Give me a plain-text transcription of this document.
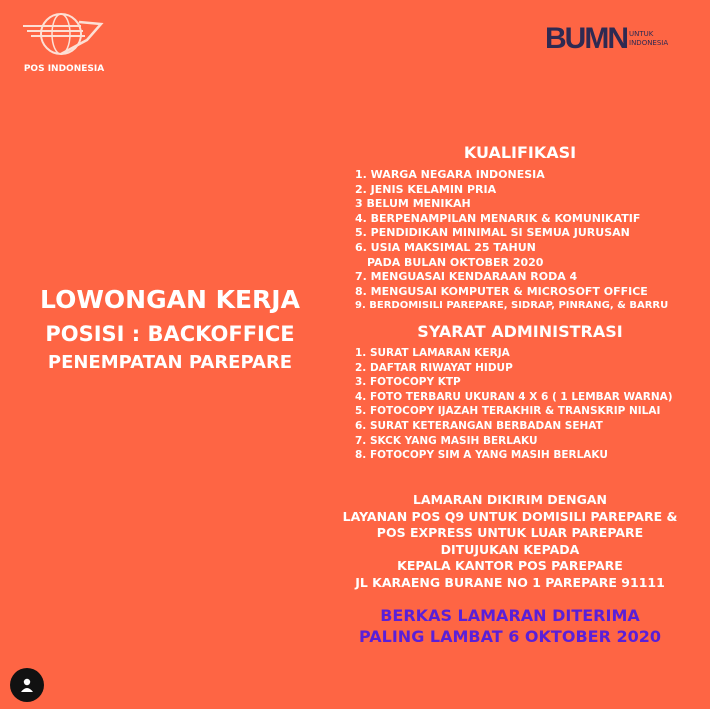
POS INDONESIA
BUMN UNTUK
INDONESIA
LOWONGAN KERJA
POSISI : BACKOFFICE
PENEMPATAN PAREPARE
KUALIFIKASI
1. WARGA NEGARA INDONESIA
2. JENIS KELAMIN PRIA
3 BELUM MENIKAH
4. BERPENAMPILAN MENARIK & KOMUNIKATIF
5. PENDIDIKAN MINIMAL SI SEMUA JURUSAN
6. USIA MAKSIMAL 25 TAHUN
PADA BULAN OKTOBER 2020
7. MENGUASAI KENDARAAN RODA 4
8. MENGUSAI KOMPUTER & MICROSOFT OFFICE
9. BERDOMISILI PAREPARE, SIDRAP, PINRANG, & BARRU
SYARAT ADMINISTRASI
1. SURAT LAMARAN KERJA
2. DAFTAR RIWAYAT HIDUP
3. FOTOCOPY KTP
4. FOTO TERBARU UKURAN 4 X 6 ( 1 LEMBAR WARNA)
5. FOTOCOPY IJAZAH TERAKHIR & TRANSKRIP NILAI
6. SURAT KETERANGAN BERBADAN SEHAT
7. SKCK YANG MASIH BERLAKU
8. FOTOCOPY SIM A YANG MASIH BERLAKU
LAMARAN DIKIRIM DENGAN
LAYANAN POS Q9 UNTUK DOMISILI PAREPARE &
POS EXPRESS UNTUK LUAR PAREPARE
DITUJUKAN KEPADA
KEPALA KANTOR POS PAREPARE
JL KARAENG BURANE NO 1 PAREPARE 91111
BERKAS LAMARAN DITERIMA
PALING LAMBAT 6 OKTOBER 2020
